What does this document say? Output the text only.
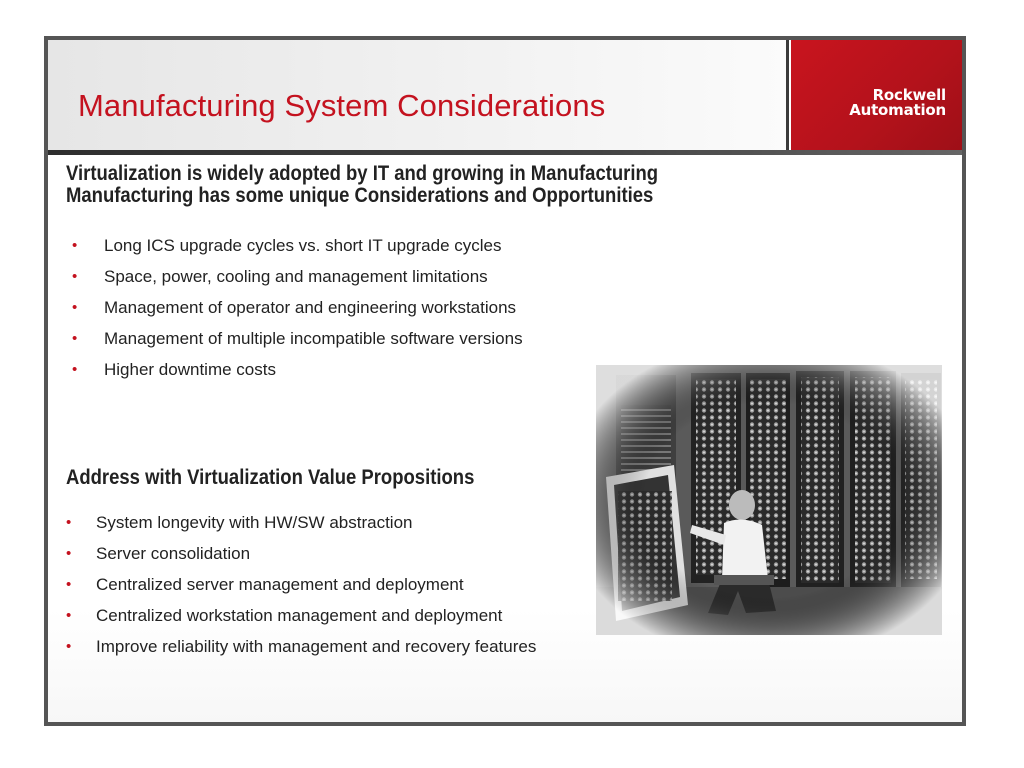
Manufacturing System Considerations	Rockwell
Automation
Virtualization is widely adopted by IT and growing in Manufacturing
Manufacturing has some unique Considerations and Opportunities
• Long ICS upgrade cycles vs. short IT upgrade cycles
• Space, power, cooling and management limitations
• Management of operator and engineering workstations
• Management of multiple incompatible software versions
• Higher downtime costs
Address with Virtualization Value Propositions
• System longevity with HW/SW abstraction
• Server consolidation
• Centralized server management and deployment
• Centralized workstation management and deployment
• Improve reliability with management and recovery features
